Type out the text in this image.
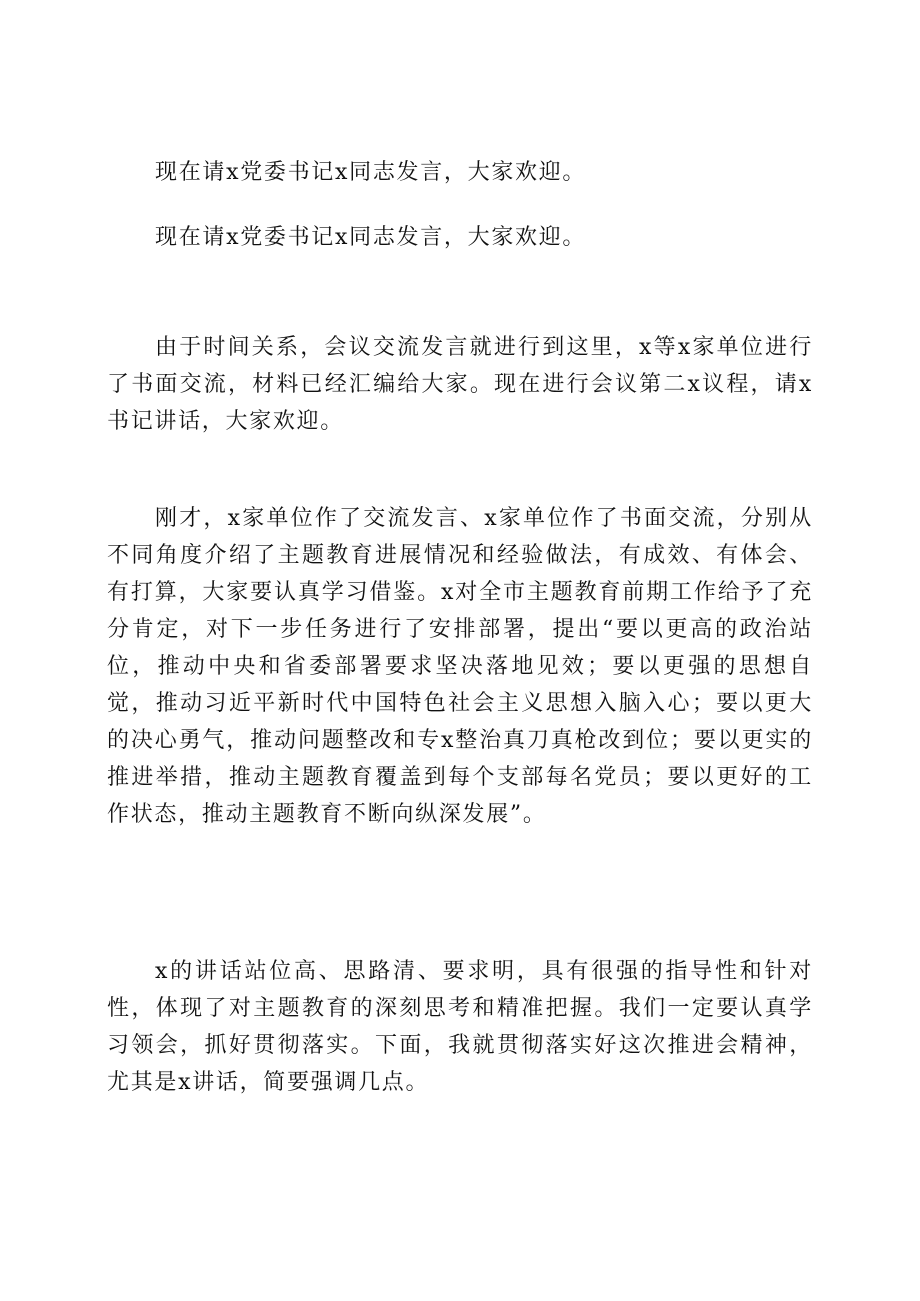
现在请x党委书记x同志发言，大家欢迎。

现在请x党委书记x同志发言，大家欢迎。

由于时间关系，会议交流发言就进行到这里，x等x家单位进行了书面交流，材料已经汇编给大家。现在进行会议第二x议程，请x书记讲话，大家欢迎。

刚才，x家单位作了交流发言、x家单位作了书面交流，分别从不同角度介绍了主题教育进展情况和经验做法，有成效、有体会、有打算，大家要认真学习借鉴。x对全市主题教育前期工作给予了充分肯定，对下一步任务进行了安排部署，提出“要以更高的政治站位，推动中央和省委部署要求坚决落地见效；要以更强的思想自觉，推动习近平新时代中国特色社会主义思想入脑入心；要以更大的决心勇气，推动问题整改和专x整治真刀真枪改到位；要以更实的推进举措，推动主题教育覆盖到每个支部每名党员；要以更好的工作状态，推动主题教育不断向纵深发展”。

x的讲话站位高、思路清、要求明，具有很强的指导性和针对性，体现了对主题教育的深刻思考和精准把握。我们一定要认真学习领会，抓好贯彻落实。下面，我就贯彻落实好这次推进会精神，尤其是x讲话，简要强调几点。
